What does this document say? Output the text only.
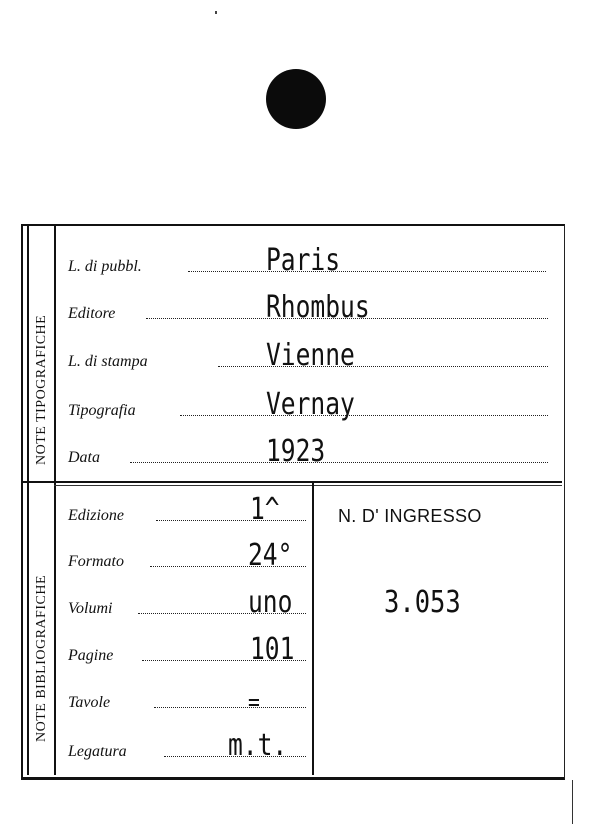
NOTE TIPOGRAFICHE
NOTE BIBLIOGRAFICHE
L. di pubbl.	Paris
Editore	Rhombus
L. di stampa	Vienne
Tipografia	Vernay
Data	1923
Edizione	1^
Formato	24°
Volumi	uno
Pagine	101
Tavole	=
Legatura	m.t.
N. D' INGRESSO
3.053
